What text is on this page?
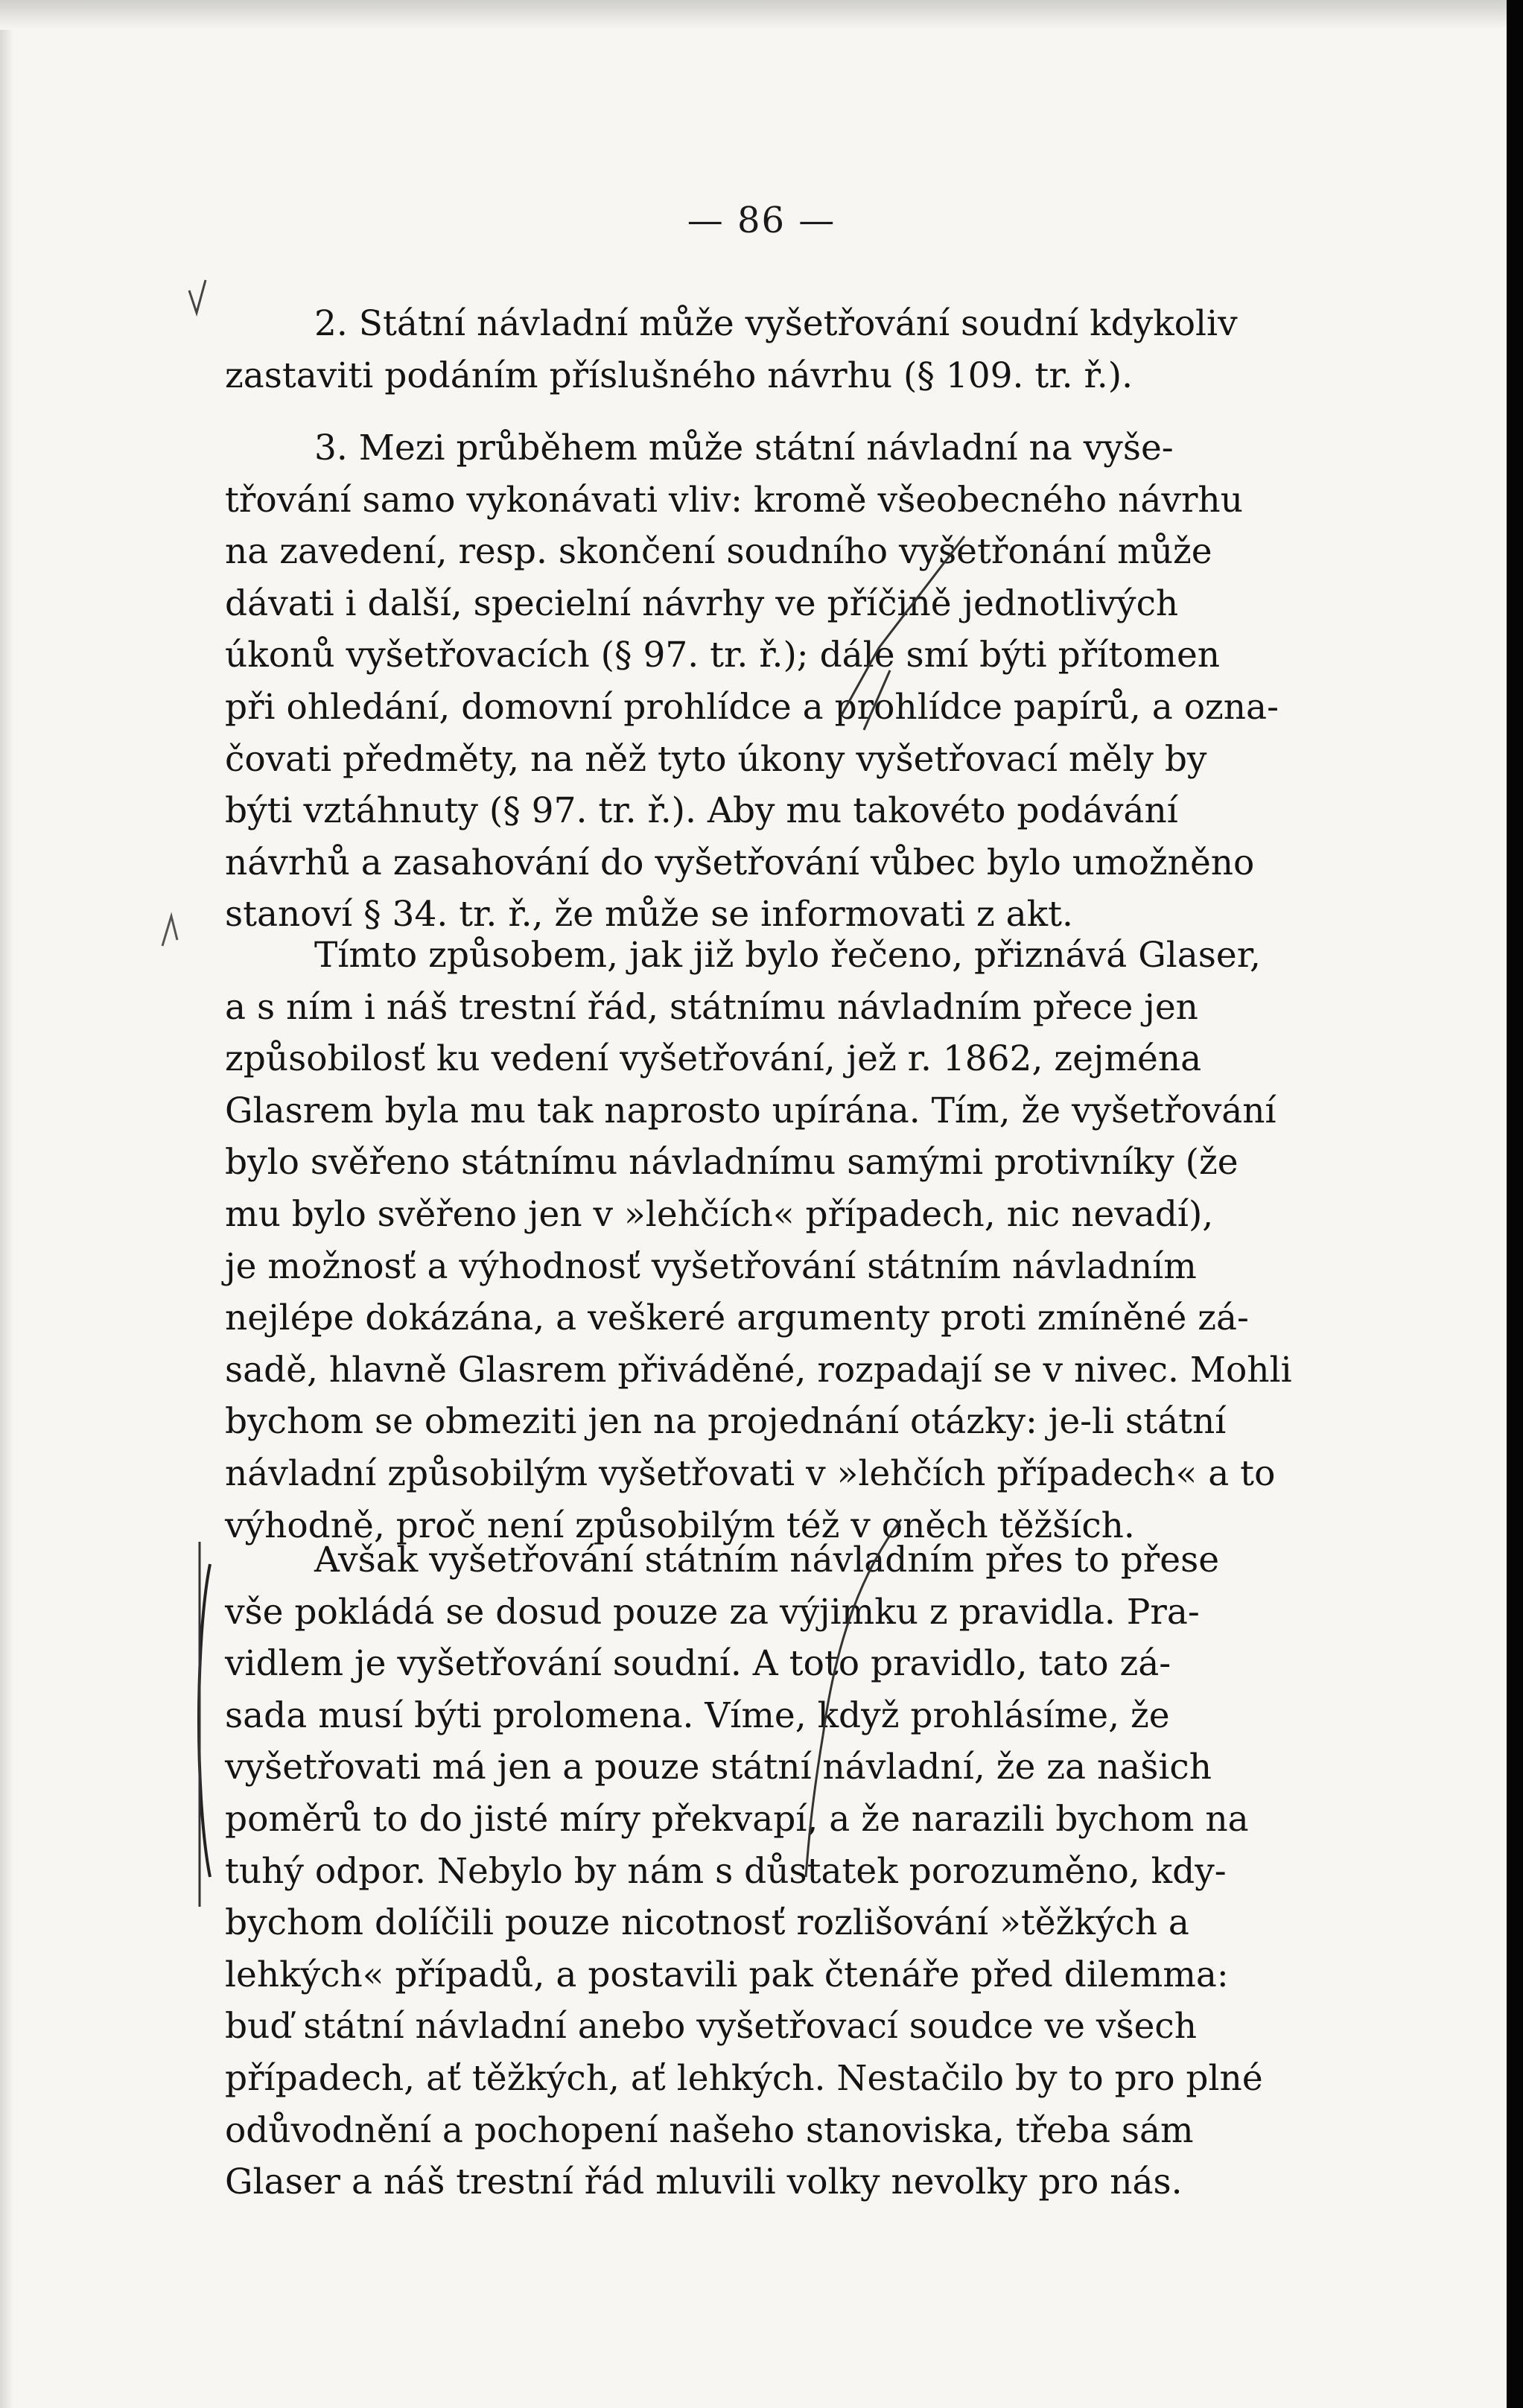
— 86 —

2. Státní návladní může vyšetřování soudní kdykoliv
zastaviti podáním příslušného návrhu (§ 109. tr. ř.).

3. Mezi průběhem může státní návladní na vyše-
třování samo vykonávati vliv: kromě všeobecného návrhu
na zavedení, resp. skončení soudního vyšetřonání může
dávati i další, specielní návrhy ve příčině jednotlivých
úkonů vyšetřovacích (§ 97. tr. ř.); dále smí býti přítomen
při ohledání, domovní prohlídce a prohlídce papírů, a ozna-
čovati předměty, na něž tyto úkony vyšetřovací měly by
býti vztáhnuty (§ 97. tr. ř.). Aby mu takovéto podávání
návrhů a zasahování do vyšetřování vůbec bylo umožněno
stanoví § 34. tr. ř., že může se informovati z akt.

Tímto způsobem, jak již bylo řečeno, přiznává Glaser,
a s ním i náš trestní řád, státnímu návladním přece jen
způsobilosť ku vedení vyšetřování, jež r. 1862, zejména
Glasrem byla mu tak naprosto upírána. Tím, že vyšetřování
bylo svěřeno státnímu návladnímu samými protivníky (že
mu bylo svěřeno jen v »lehčích« případech, nic nevadí),
je možnosť a výhodnosť vyšetřování státním návladním
nejlépe dokázána, a veškeré argumenty proti zmíněné zá-
sadě, hlavně Glasrem přiváděné, rozpadají se v nivec. Mohli
bychom se obmeziti jen na projednání otázky: je-li státní
návladní způsobilým vyšetřovati v »lehčích případech« a to
výhodně, proč není způsobilým též v oněch těžších.

Avšak vyšetřování státním návladním přes to přese
vše pokládá se dosud pouze za výjimku z pravidla. Pra-
vidlem je vyšetřování soudní. A toto pravidlo, tato zá-
sada musí býti prolomena. Víme, když prohlásíme, že
vyšetřovati má jen a pouze státní návladní, že za našich
poměrů to do jisté míry překvapí, a že narazili bychom na
tuhý odpor. Nebylo by nám s důstatek porozuměno, kdy-
bychom dolíčili pouze nicotnosť rozlišování »těžkých a
lehkých« případů, a postavili pak čtenáře před dilemma:
buď státní návladní anebo vyšetřovací soudce ve všech
případech, ať těžkých, ať lehkých. Nestačilo by to pro plné
odůvodnění a pochopení našeho stanoviska, třeba sám
Glaser a náš trestní řád mluvili volky nevolky pro nás.
